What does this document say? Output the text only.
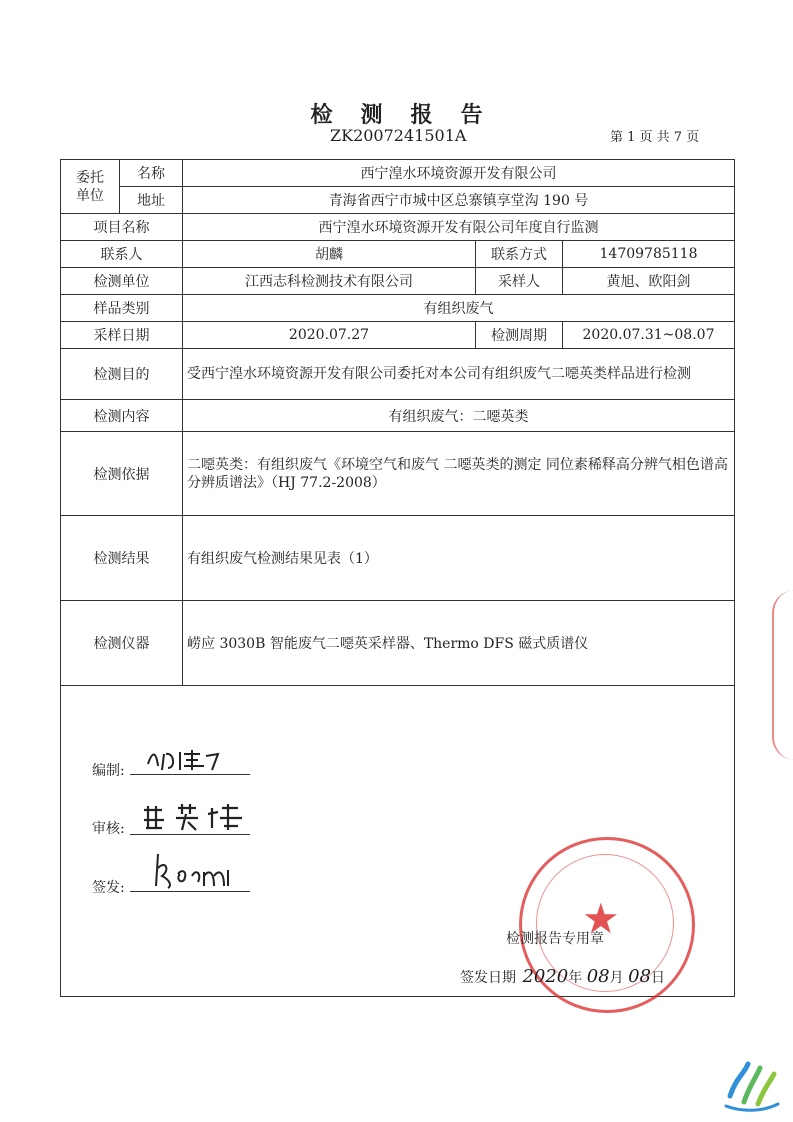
检测报告
ZK2007241501A	第 1 页 共 7 页
委托单位	名称	西宁湟水环境资源开发有限公司		
	地址	青海省西宁市城中区总寨镇享堂沟 190 号		
项目名称		西宁湟水环境资源开发有限公司年度自行监测		
联系人		胡麟	联系方式	14709785118
检测单位		江西志科检测技术有限公司	采样人	黄旭、欧阳剑
样品类别		有组织废气		
采样日期		2020.07.27	检测周期	2020.07.31~08.07
检测目的		受西宁湟水环境资源开发有限公司委托对本公司有组织废气二噁英类样品进行检测		
检测内容		有组织废气：二噁英类		
检测依据		二噁英类：有组织废气《环境空气和废气 二噁英类的测定 同位素稀释高分辨气相色谱高分辨质谱法》（HJ 77.2-2008）		
检测结果		有组织废气检测结果见表（1）		
检测仪器		崂应 3030B 智能废气二噁英采样器、Thermo DFS 磁式质谱仪		

编制:
审核:
签发:
★
检测报告专用章
签发日期 2020年 08月 08日
